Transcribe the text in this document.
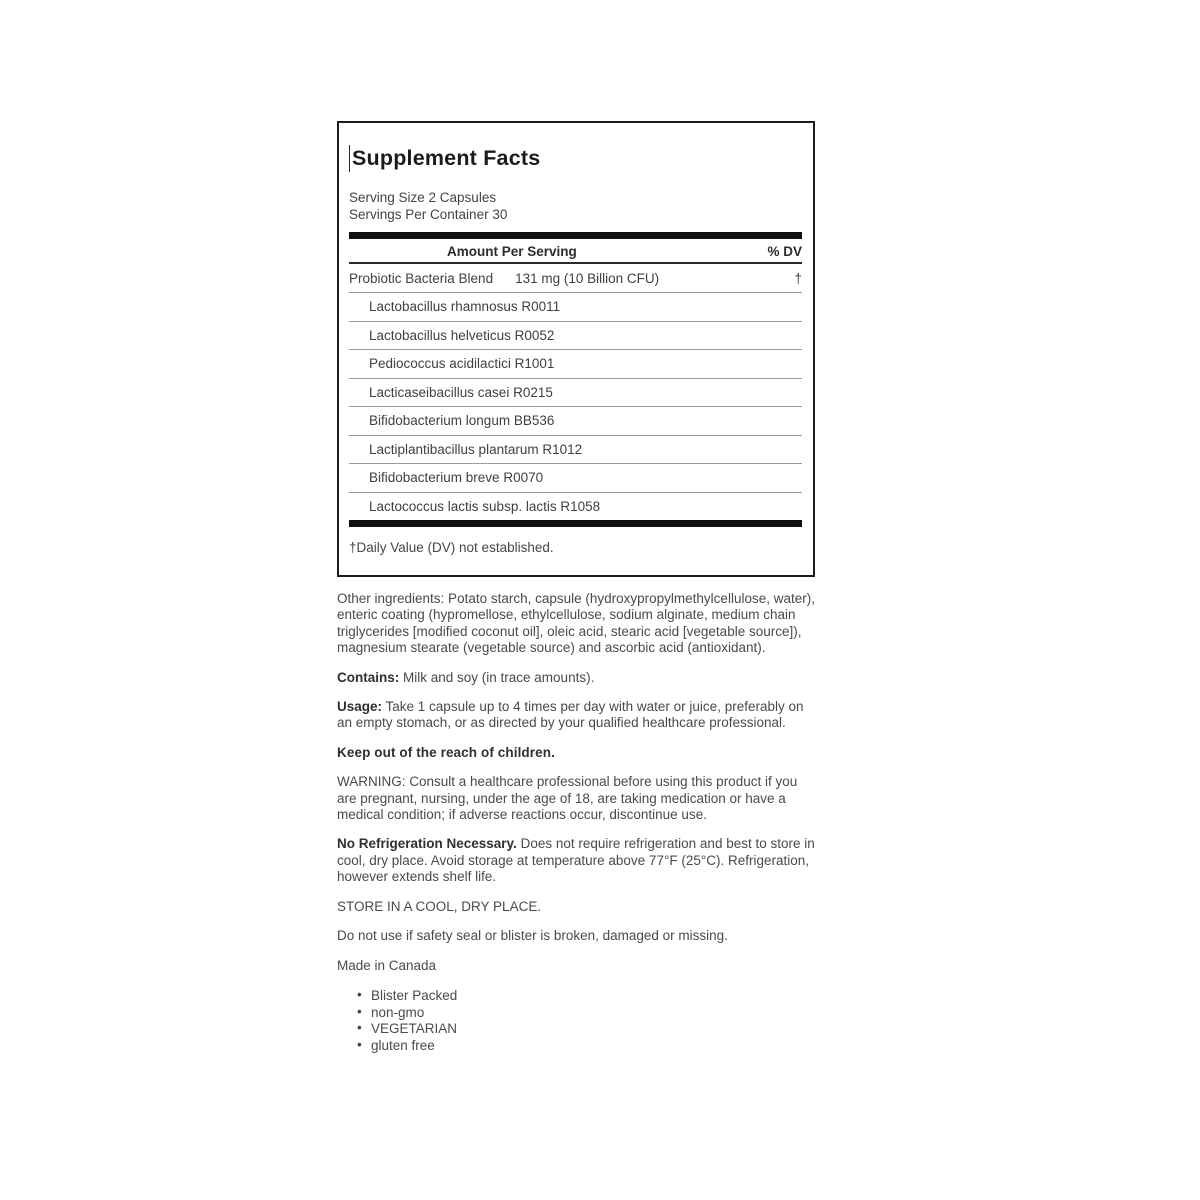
Supplement Facts
Serving Size 2 Capsules
Servings Per Container 30
Amount Per Serving	% DV
Probiotic Bacteria Blend 131 mg (10 Billion CFU)	†
Lactobacillus rhamnosus R0011
Lactobacillus helveticus R0052
Pediococcus acidilactici R1001
Lacticaseibacillus casei R0215
Bifidobacterium longum BB536
Lactiplantibacillus plantarum R1012
Bifidobacterium breve R0070
Lactococcus lactis subsp. lactis R1058
†Daily Value (DV) not established.

Other ingredients: Potato starch, capsule (hydroxypropylmethylcellulose, water), enteric coating (hypromellose, ethylcellulose, sodium alginate, medium chain triglycerides [modified coconut oil], oleic acid, stearic acid [vegetable source]), magnesium stearate (vegetable source) and ascorbic acid (antioxidant).

Contains: Milk and soy (in trace amounts).

Usage: Take 1 capsule up to 4 times per day with water or juice, preferably on an empty stomach, or as directed by your qualified healthcare professional.

Keep out of the reach of children.

WARNING: Consult a healthcare professional before using this product if you are pregnant, nursing, under the age of 18, are taking medication or have a medical condition; if adverse reactions occur, discontinue use.

No Refrigeration Necessary. Does not require refrigeration and best to store in cool, dry place. Avoid storage at temperature above 77°F (25°C). Refrigeration, however extends shelf life.

STORE IN A COOL, DRY PLACE.

Do not use if safety seal or blister is broken, damaged or missing.

Made in Canada

• Blister Packed
• non-gmo
• VEGETARIAN
• gluten free
